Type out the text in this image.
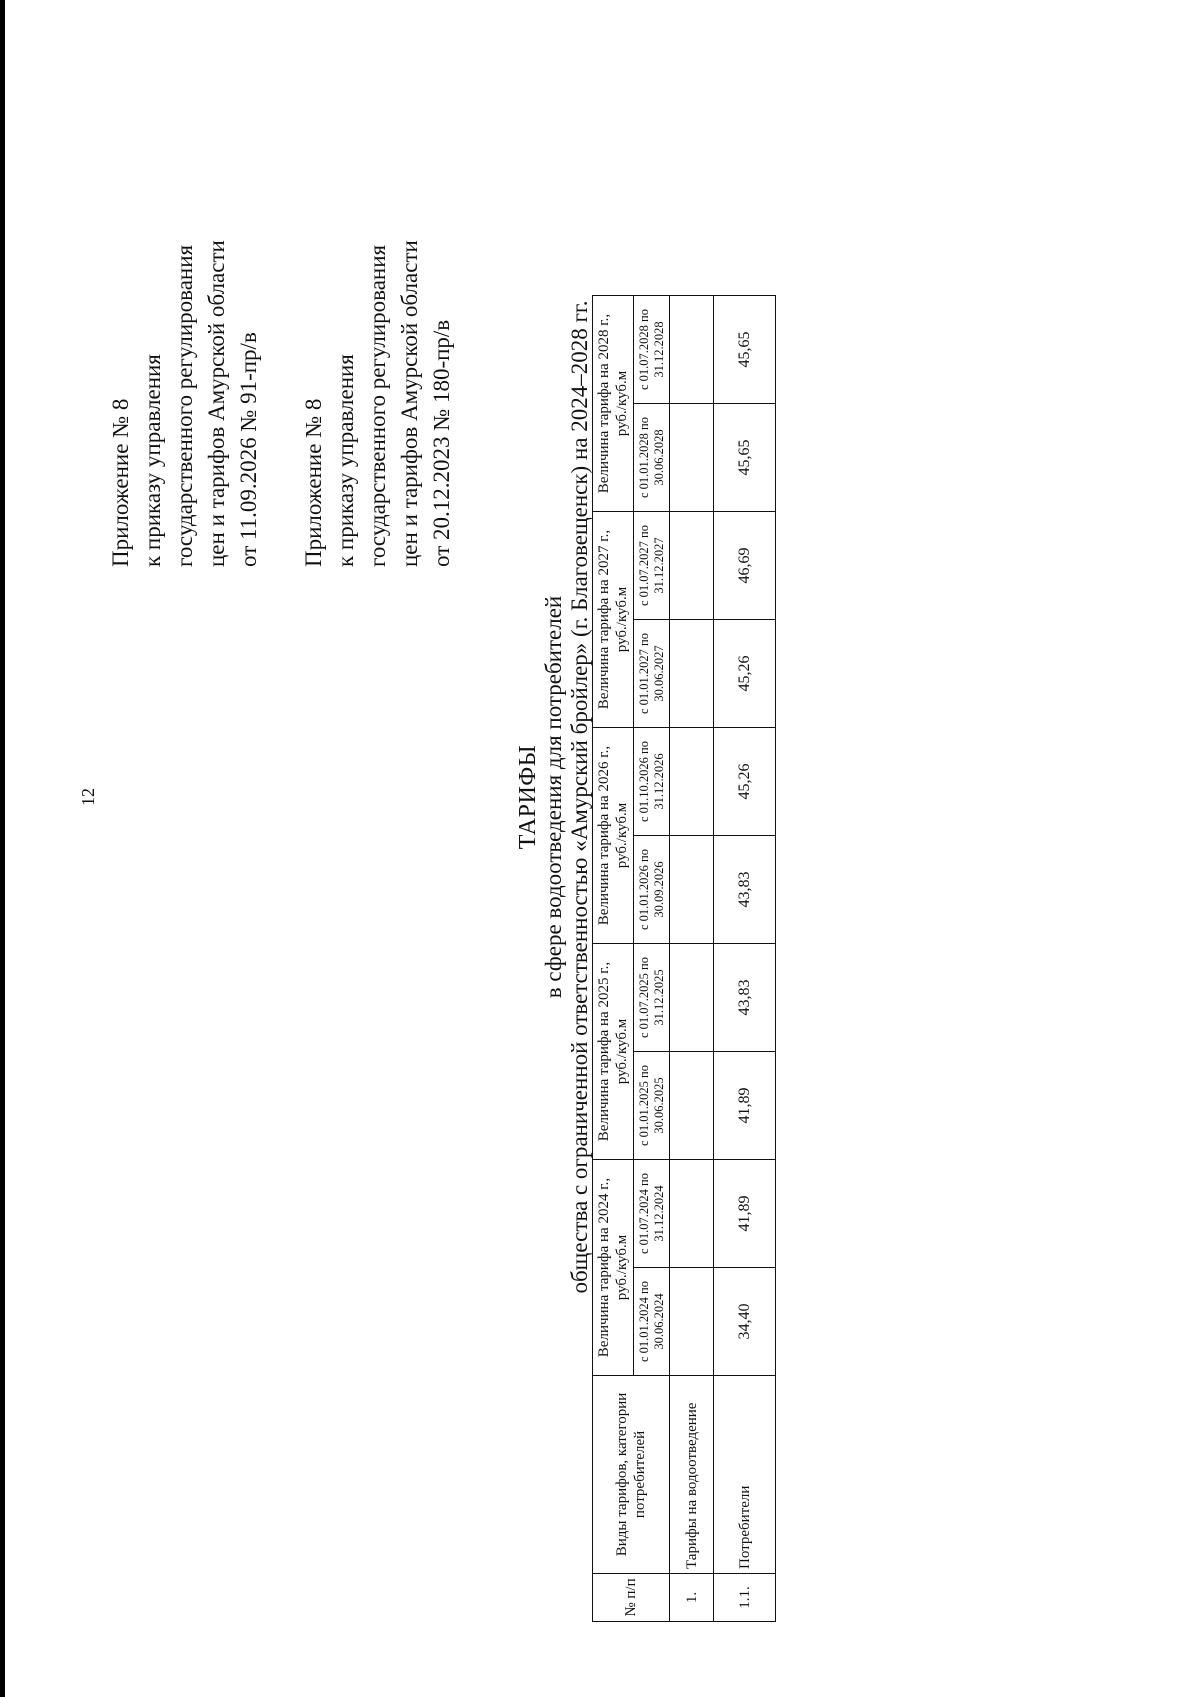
12
Приложение № 8 к приказу управления государственного регулирования цен и тарифов Амурской области от 11.09.2026 № 91-пр/в Приложение № 8 к приказу управления государственного регулирования цен и тарифов Амурской области от 20.12.2023 № 180-пр/в
ТАРИФЫ в сфере водоотведения для потребителей общества с ограниченной ответственностью «Амурский бройлер» (г. Благовещенск) на 2024–2028 гг.
№ п/п	Виды тарифов, категории потребителей	Величина тарифа на 2024 г., руб./куб.м		Величина тарифа на 2025 г., руб./куб.м		Величина тарифа на 2026 г., руб./куб.м		Величина тарифа на 2027 г., руб./куб.м		Величина тарифа на 2028 г., руб./куб.м	
		с 01.01.2024 по 30.06.2024	с 01.07.2024 по 31.12.2024	с 01.01.2025 по 30.06.2025	с 01.07.2025 по 31.12.2025	с 01.01.2026 по 30.09.2026	с 01.10.2026 по 31.12.2026	с 01.01.2027 по 30.06.2027	с 01.07.2027 по 31.12.2027	с 01.01.2028 по 30.06.2028	с 01.07.2028 по 31.12.2028
1.	Тарифы на водоотведение										
1.1.	Потребители	34,40	41,89	41,89	43,83	43,83	45,26	45,26	46,69	45,65	45,65
